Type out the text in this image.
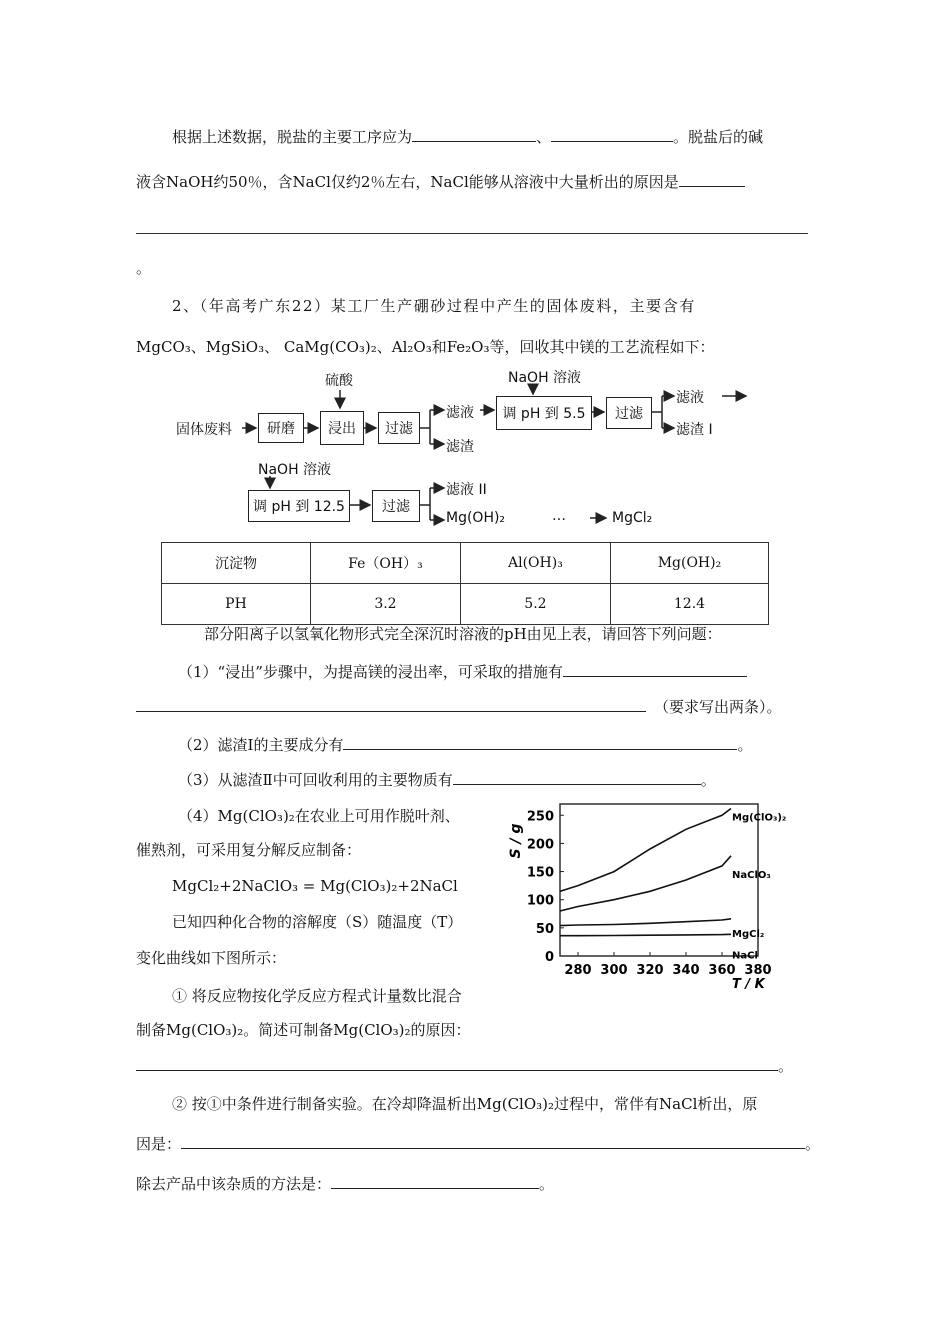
根据上述数据，脱盐的主要工序应为	、	。脱盐后的碱
液含NaOH约50％，含NaCl仅约2％左右，NaCl能够从溶液中大量析出的原因是
。
2、（年高考广东22）某工厂生产硼砂过程中产生的固体废料，主要含有
MgCO₃、MgSiO₃、 CaMg(CO₃)₂、Al₂O₃和Fe₂O₃等，回收其中镁的工艺流程如下：
固体废料	研磨
硫酸
浸出	过滤
滤液
滤渣
NaOH 溶液
调 pH 到 5.5	过滤
滤液
滤渣 I
NaOH 溶液
调 pH 到 12.5	过滤
滤液 II
Mg(OH)₂	…	MgCl₂
沉淀物	Fe（OH）₃	Al(OH)₃	Mg(OH)₂
PH	3.2	5.2	12.4
部分阳离子以氢氧化物形式完全深沉时溶液的pH由见上表，请回答下列问题：
（1）“浸出”步骤中，为提高镁的浸出率，可采取的措施有
（要求写出两条）。
（2）滤渣I的主要成分有	。
（3）从滤渣Ⅱ中可回收利用的主要物质有	。
（4）Mg(ClO₃)₂在农业上可用作脱叶剂、
催熟剂，可采用复分解反应制备：
MgCl₂+2NaClO₃ = Mg(ClO₃)₂+2NaCl
已知四种化合物的溶解度（S）随温度（T）
变化曲线如下图所示：
① 将反应物按化学反应方程式计量数比混合
制备Mg(ClO₃)₂。简述可制备Mg(ClO₃)₂的原因：
。
② 按①中条件进行制备实验。在冷却降温析出Mg(ClO₃)₂过程中，常伴有NaCl析出，原
因是：	。
除去产品中该杂质的方法是：	。
0
50
100
150
200
250
280 300 320 340 360 380
S / g
T / K
Mg(ClO₃)₂
NaClO₃
MgCl₂
NaCl
